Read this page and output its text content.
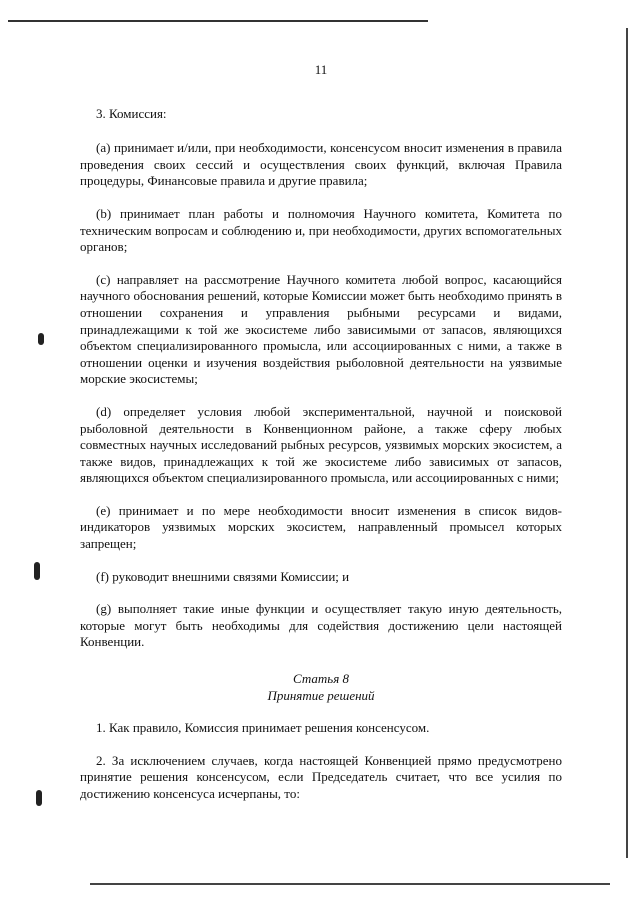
11

3. Комиссия:

(a) принимает и/или, при необходимости, консенсусом вносит изменения в правила проведения своих сессий и осуществления своих функций, включая Правила процедуры, Финансовые правила и другие правила;

(b) принимает план работы и полномочия Научного комитета, Комитета по техническим вопросам и соблюдению и, при необходимости, других вспомогательных органов;

(c) направляет на рассмотрение Научного комитета любой вопрос, касающийся научного обоснования решений, которые Комиссии может быть необходимо принять в отношении сохранения и управления рыбными ресурсами и видами, принадлежащими к той же экосистеме либо зависимыми от запасов, являющихся объектом специализированного промысла, или ассоциированных с ними, а также в отношении оценки и изучения воздействия рыболовной деятельности на уязвимые морские экосистемы;

(d) определяет условия любой экспериментальной, научной и поисковой рыболовной деятельности в Конвенционном районе, а также сферу любых совместных научных исследований рыбных ресурсов, уязвимых морских экосистем, а также видов, принадлежащих к той же экосистеме либо зависимых от запасов, являющихся объектом специализированного промысла, или ассоциированных с ними;

(e) принимает и по мере необходимости вносит изменения в список видов-индикаторов уязвимых морских экосистем, направленный промысел которых запрещен;

(f) руководит внешними связями Комиссии; и

(g) выполняет такие иные функции и осуществляет такую иную деятельность, которые могут быть необходимы для содействия достижению цели настоящей Конвенции.

Статья 8
Принятие решений

1. Как правило, Комиссия принимает решения консенсусом.

2. За исключением случаев, когда настоящей Конвенцией прямо предусмотрено принятие решения консенсусом, если Председатель считает, что все усилия по достижению консенсуса исчерпаны, то:
